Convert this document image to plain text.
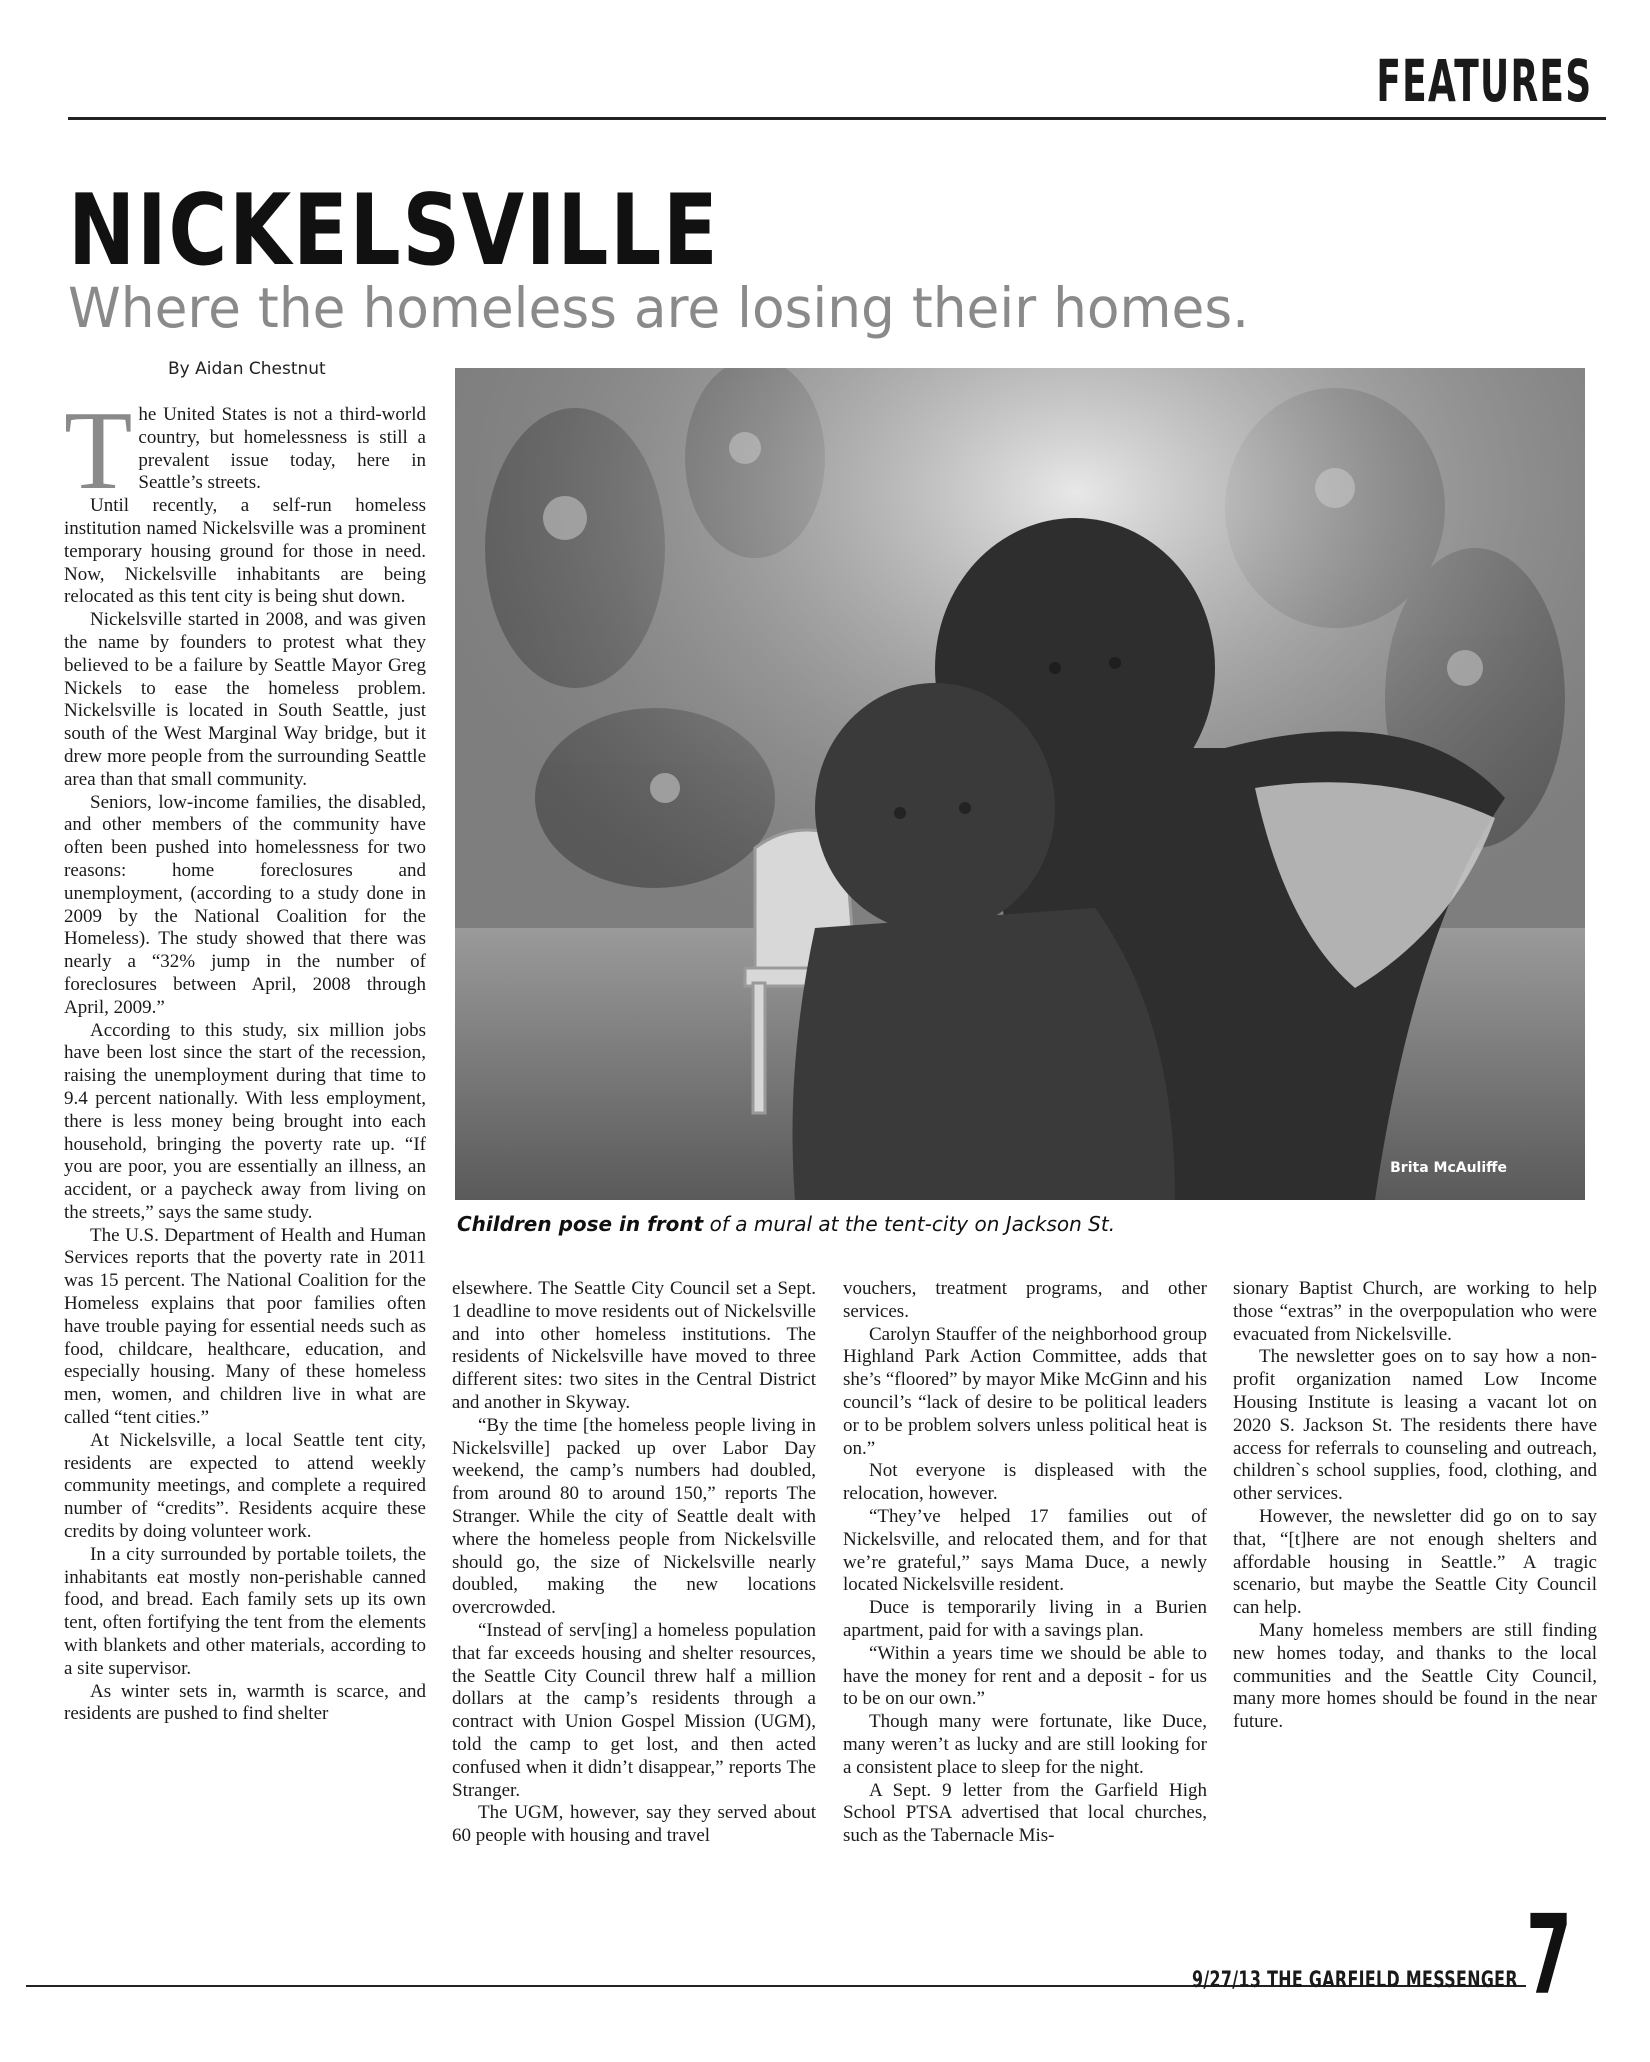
FEATURES
NICKELSVILLE
Where the homeless are losing their homes.
By Aidan Chestnut
Brita McAuliffe
Children pose in front of a mural at the tent-city on Jackson St.
T he United States is not a third-world country, but homelessness is still a prevalent issue today, here in Seattle’s streets.

Until recently, a self-run homeless institution named Nickelsville was a prominent temporary housing ground for those in need. Now, Nickelsville inhabitants are being relocated as this tent city is being shut down.

Nickelsville started in 2008, and was given the name by founders to protest what they believed to be a failure by Seattle Mayor Greg Nickels to ease the homeless problem. Nickelsville is located in South Seattle, just south of the West Marginal Way bridge, but it drew more people from the surrounding Seattle area than that small community.

Seniors, low-income families, the disabled, and other members of the community have often been pushed into homelessness for two reasons: home foreclosures and unemployment, (according to a study done in 2009 by the National Coalition for the Homeless). The study showed that there was nearly a “32% jump in the number of foreclosures between April, 2008 through April, 2009.”

According to this study, six million jobs have been lost since the start of the recession, raising the unemployment during that time to 9.4 percent nationally. With less employment, there is less money being brought into each household, bringing the poverty rate up. “If you are poor, you are essentially an illness, an accident, or a paycheck away from living on the streets,” says the same study.

The U.S. Department of Health and Human Services reports that the poverty rate in 2011 was 15 percent. The National Coalition for the Homeless explains that poor families often have trouble paying for essential needs such as food, childcare, healthcare, education, and especially housing. Many of these homeless men, women, and children live in what are called “tent cities.”

At Nickelsville, a local Seattle tent city, residents are expected to attend weekly community meetings, and complete a required number of “credits”. Residents acquire these credits by doing volunteer work.

In a city surrounded by portable toilets, the inhabitants eat mostly non-perishable canned food, and bread. Each family sets up its own tent, often fortifying the tent from the elements with blankets and other materials, according to a site supervisor.

As winter sets in, warmth is scarce, and residents are pushed to find shelter

elsewhere. The Seattle City Council set a Sept. 1 deadline to move residents out of Nickelsville and into other homeless institutions. The residents of Nickelsville have moved to three different sites: two sites in the Central District and another in Skyway.

“By the time [the homeless people living in Nickelsville] packed up over Labor Day weekend, the camp’s numbers had doubled, from around 80 to around 150,” reports The Stranger. While the city of Seattle dealt with where the homeless people from Nickelsville should go, the size of Nickelsville nearly doubled, making the new locations overcrowded.

“Instead of serv[ing] a homeless population that far exceeds housing and shelter resources, the Seattle City Council threw half a million dollars at the camp’s residents through a contract with Union Gospel Mission (UGM), told the camp to get lost, and then acted confused when it didn’t disappear,” reports The Stranger.

The UGM, however, say they served about 60 people with housing and travel

vouchers, treatment programs, and other services.

Carolyn Stauffer of the neighborhood group Highland Park Action Committee, adds that she’s “floored” by mayor Mike McGinn and his council’s “lack of desire to be political leaders or to be problem solvers unless political heat is on.”

Not everyone is displeased with the relocation, however.

“They’ve helped 17 families out of Nickelsville, and relocated them, and for that we’re grateful,” says Mama Duce, a newly located Nickelsville resident.

Duce is temporarily living in a Burien apartment, paid for with a savings plan.

“Within a years time we should be able to have the money for rent and a deposit - for us to be on our own.”

Though many were fortunate, like Duce, many weren’t as lucky and are still looking for a consistent place to sleep for the night.

A Sept. 9 letter from the Garfield High School PTSA advertised that local churches, such as the Tabernacle Mis-

sionary Baptist Church, are working to help those “extras” in the overpopulation who were evacuated from Nickelsville.

The newsletter goes on to say how a non-profit organization named Low Income Housing Institute is leasing a vacant lot on 2020 S. Jackson St. The residents there have access for referrals to counseling and outreach, children`s school supplies, food, clothing, and other services.

However, the newsletter did go on to say that, “[t]here are not enough shelters and affordable housing in Seattle.” A tragic scenario, but maybe the Seattle City Council can help.

Many homeless members are still finding new homes today, and thanks to the local communities and the Seattle City Council, many more homes should be found in the near future.

9/27/13 THE GARFIELD MESSENGER 7
